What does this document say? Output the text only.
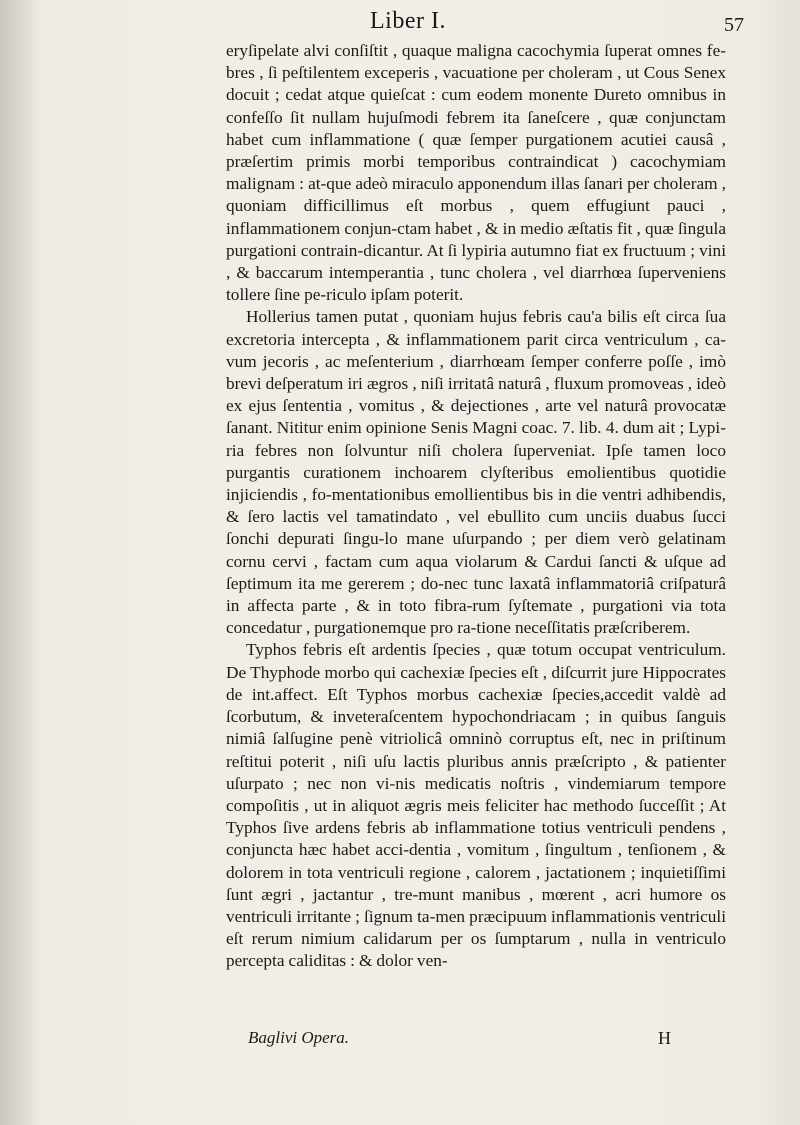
Liber I.	57

eryſipelate alvi conſiſtit , quaque maligna cacochymia ſuperat omnes fe-bres , ſi peſtilentem exceperis , vacuatione per choleram , ut Cous Senex docuit ; cedat atque quieſcat : cum eodem monente Dureto omnibus in confeſſo ſit nullam hujuſmodi febrem ita ſaneſcere , quæ conjunctam habet cum inflammatione ( quæ ſemper purgationem acutiei causâ , præſertim primis morbi temporibus contraindicat ) cacochymiam malignam : at-que adeò miraculo apponendum illas ſanari per choleram , quoniam difficillimus eſt morbus , quem effugiunt pauci , inflammationem conjun-ctam habet , & in medio æſtatis fit , quæ ſingula purgationi contrain-dicantur. At ſi lypiria autumno fiat ex fructuum ; vini , & baccarum intemperantia , tunc cholera , vel diarrhœa ſuperveniens tollere ſine pe-riculo ipſam poterit.

Hollerius tamen putat , quoniam hujus febris cau'a bilis eſt circa ſua excretoria intercepta , & inflammationem parit circa ventriculum , ca-vum jecoris , ac meſenterium , diarrhœam ſemper conferre poſſe , imò brevi deſperatum iri ægros , niſi irritatâ naturâ , fluxum promoveas , ideò ex ejus ſententia , vomitus , & dejectiones , arte vel naturâ provocatæ ſanant. Nititur enim opinione Senis Magni coac. 7. lib. 4. dum ait ; Lypi-ria febres non ſolvuntur niſi cholera ſuperveniat. Ipſe tamen loco purgantis curationem inchoarem clyſteribus emolientibus quotidie injiciendis , fo-mentationibus emollientibus bis in die ventri adhibendis, & ſero lactis vel tamatindato , vel ebullito cum unciis duabus ſucci ſonchi depurati ſingu-lo mane uſurpando ; per diem verò gelatinam cornu cervi , factam cum aqua violarum & Cardui ſancti & uſque ad ſeptimum ita me gererem ; do-nec tunc laxatâ inflammatoriâ criſpaturâ in affecta parte , & in toto fibra-rum ſyſtemate , purgationi via tota concedatur , purgationemque pro ra-tione neceſſitatis præſcriberem.

Typhos febris eſt ardentis ſpecies , quæ totum occupat ventriculum. De Thyphode morbo qui cachexiæ ſpecies eſt , diſcurrit jure Hippocrates de int.affect. Eſt Typhos morbus cachexiæ ſpecies,accedit valdè ad ſcorbutum, & inveteraſcentem hypochondriacam ; in quibus ſanguis nimiâ ſalſugine penè vitriolicâ omninò corruptus eſt, nec in priſtinum reſtitui poterit , niſi uſu lactis pluribus annis præſcripto , & patienter uſurpato ; nec non vi-nis medicatis noſtris , vindemiarum tempore compoſitis , ut in aliquot ægris meis feliciter hac methodo ſucceſſit ; At Typhos ſive ardens febris ab inflammatione totius ventriculi pendens , conjuncta hæc habet acci-dentia , vomitum , ſingultum , tenſionem , & dolorem in tota ventriculi regione , calorem , jactationem ; inquietiſſimi ſunt ægri , jactantur , tre-munt manibus , mœrent , acri humore os ventriculi irritante ; ſignum ta-men præcipuum inflammationis ventriculi eſt rerum nimium calidarum per os ſumptarum , nulla in ventriculo percepta caliditas : & dolor ven-

Baglivi Opera.	H
